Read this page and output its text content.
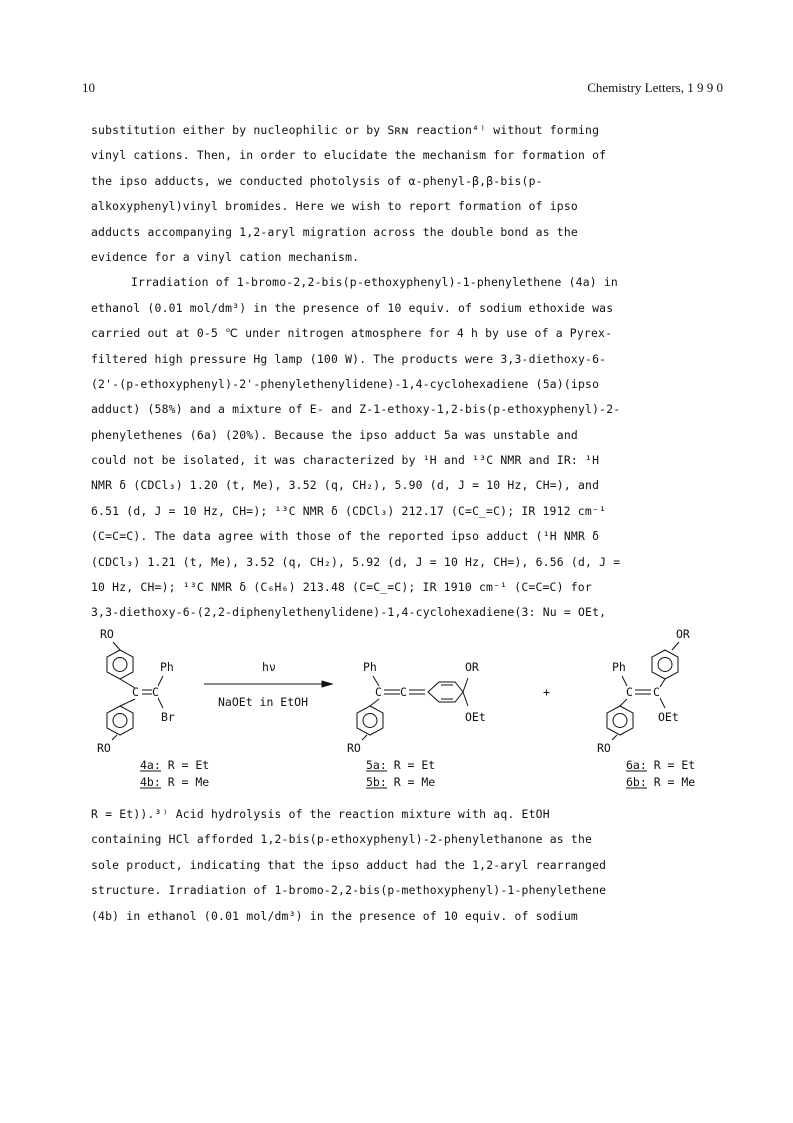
10	Chemistry Letters, 1 9 9 0
substitution either by nucleophilic or by Sʀɴ reaction⁴⁾ without forming
vinyl cations. Then, in order to elucidate the mechanism for formation of
the ipso adducts, we conducted photolysis of α-phenyl-β,β-bis(p-
alkoxyphenyl)vinyl bromides. Here we wish to report formation of ipso
adducts accompanying 1,2-aryl migration across the double bond as the
evidence for a vinyl cation mechanism.
Irradiation of 1-bromo-2,2-bis(p-ethoxyphenyl)-1-phenylethene (4a) in
ethanol (0.01 mol/dm³) in the presence of 10 equiv. of sodium ethoxide was
carried out at 0-5 ℃ under nitrogen atmosphere for 4 h by use of a Pyrex-
filtered high pressure Hg lamp (100 W). The products were 3,3-diethoxy-6-
(2'-(p-ethoxyphenyl)-2'-phenylethenylidene)-1,4-cyclohexadiene (5a)(ipso
adduct) (58%) and a mixture of E- and Z-1-ethoxy-1,2-bis(p-ethoxyphenyl)-2-
phenylethenes (6a) (20%). Because the ipso adduct 5a was unstable and
could not be isolated, it was characterized by ¹H and ¹³C NMR and IR: ¹H
NMR δ (CDCl₃) 1.20 (t, Me), 3.52 (q, CH₂), 5.90 (d, J = 10 Hz, CH=), and
6.51 (d, J = 10 Hz, CH=); ¹³C NMR δ (CDCl₃) 212.17 (C=C̲=C); IR 1912 cm⁻¹
(C=C=C). The data agree with those of the reported ipso adduct (¹H NMR δ
(CDCl₃) 1.21 (t, Me), 3.52 (q, CH₂), 5.92 (d, J = 10 Hz, CH=), 6.56 (d, J =
10 Hz, CH=); ¹³C NMR δ (C₆H₆) 213.48 (C=C̲=C); IR 1910 cm⁻¹ (C=C=C) for
3,3-diethoxy-6-(2,2-diphenylethenylidene)-1,4-cyclohexadiene(3: Nu = OEt,
RO
C C
Ph
Br
RO
4a: R = Et
4b: R = Me
hν
NaOEt in EtOH
Ph
C C
OR
OEt
RO
5a: R = Et
5b: R = Me
+
OR
C
C
Ph
OEt
RO
6a: R = Et
6b: R = Me
R = Et)).³⁾ Acid hydrolysis of the reaction mixture with aq. EtOH
containing HCl afforded 1,2-bis(p-ethoxyphenyl)-2-phenylethanone as the
sole product, indicating that the ipso adduct had the 1,2-aryl rearranged
structure. Irradiation of 1-bromo-2,2-bis(p-methoxyphenyl)-1-phenylethene
(4b) in ethanol (0.01 mol/dm³) in the presence of 10 equiv. of sodium
